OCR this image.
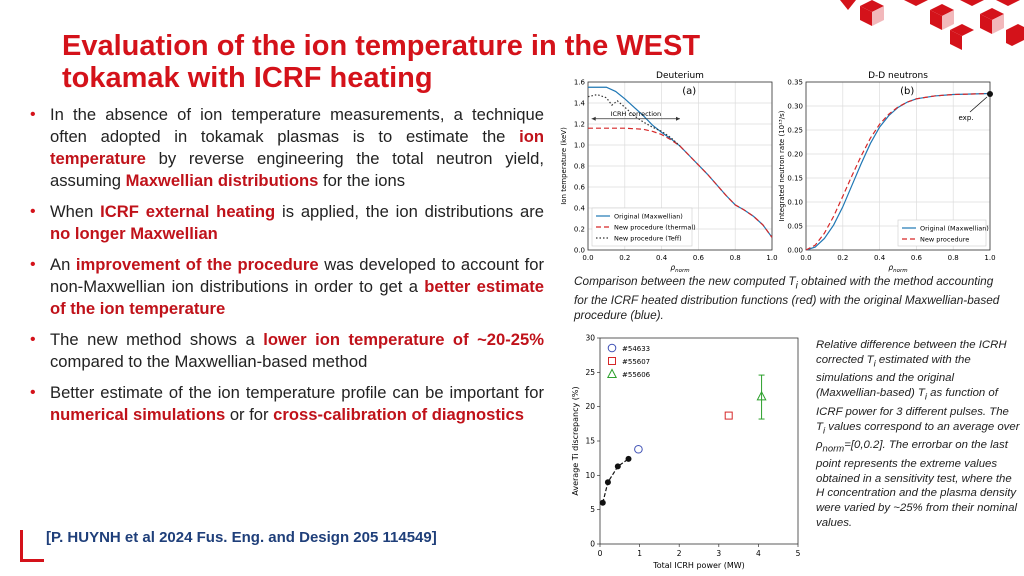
Evaluation of the ion temperature in the WEST
tokamak with ICRF heating
• In the absence of ion temperature measurements, a technique often adopted in tokamak plasmas is to estimate the ion temperature by reverse engineering the total neutron yield, assuming Maxwellian distributions for the ions
• When ICRF external heating is applied, the ion distributions are no longer Maxwellian
• An improvement of the procedure was developed to account for non-Maxwellian ion distributions in order to get a better estimate of the ion temperature
• The new method shows a lower ion temperature of ~20-25% compared to the Maxwellian-based method
• Better estimate of the ion temperature profile can be important for numerical simulations or for cross-calibration of diagnostics
[P. HUYNH et al 2024 Fus. Eng. and Design 205 114549]
Deuterium
0.0	0.2	0.4	0.6	0.8	1.0
0.0
0.2
0.4
0.6
0.8
1.0
1.2
1.4
1.6
$\rho_{norm}$
Ion temperature (keV)
(a)
ICRH correction
Original (Maxwellian)
New procedure (thermal)
New procedure (Teff)
D-D neutrons
0.0	0.2	0.4	0.6	0.8	1.0
0.00
0.05
0.10
0.15
0.20
0.25
0.30
0.35
$\rho_{norm}$
Integrated neutron rate (10¹³/s)
(b)
exp.
Original (Maxwellian)
New procedure
Comparison between the new computed $T_i$ obtained with the method accounting for the ICRF heated distribution functions (red) with the original Maxwellian-based procedure (blue).
0	1	2	3	4	5
0
5
10
15
20
25
30
Total ICRH power (MW)
Average Ti discrepancy (%)
#54633
#55607
#55606
Relative difference between the ICRH corrected $T_i$ estimated with the simulations and the original (Maxwellian-based) $T_i$ as function of ICRF power for 3 different pulses. The $T_i$ values correspond to an average over $\rho_{norm}=[0,0.2]$. The errorbar on the last point represents the extreme values obtained in a sensitivity test, where the H concentration and the plasma density were varied by ~25% from their nominal values.
